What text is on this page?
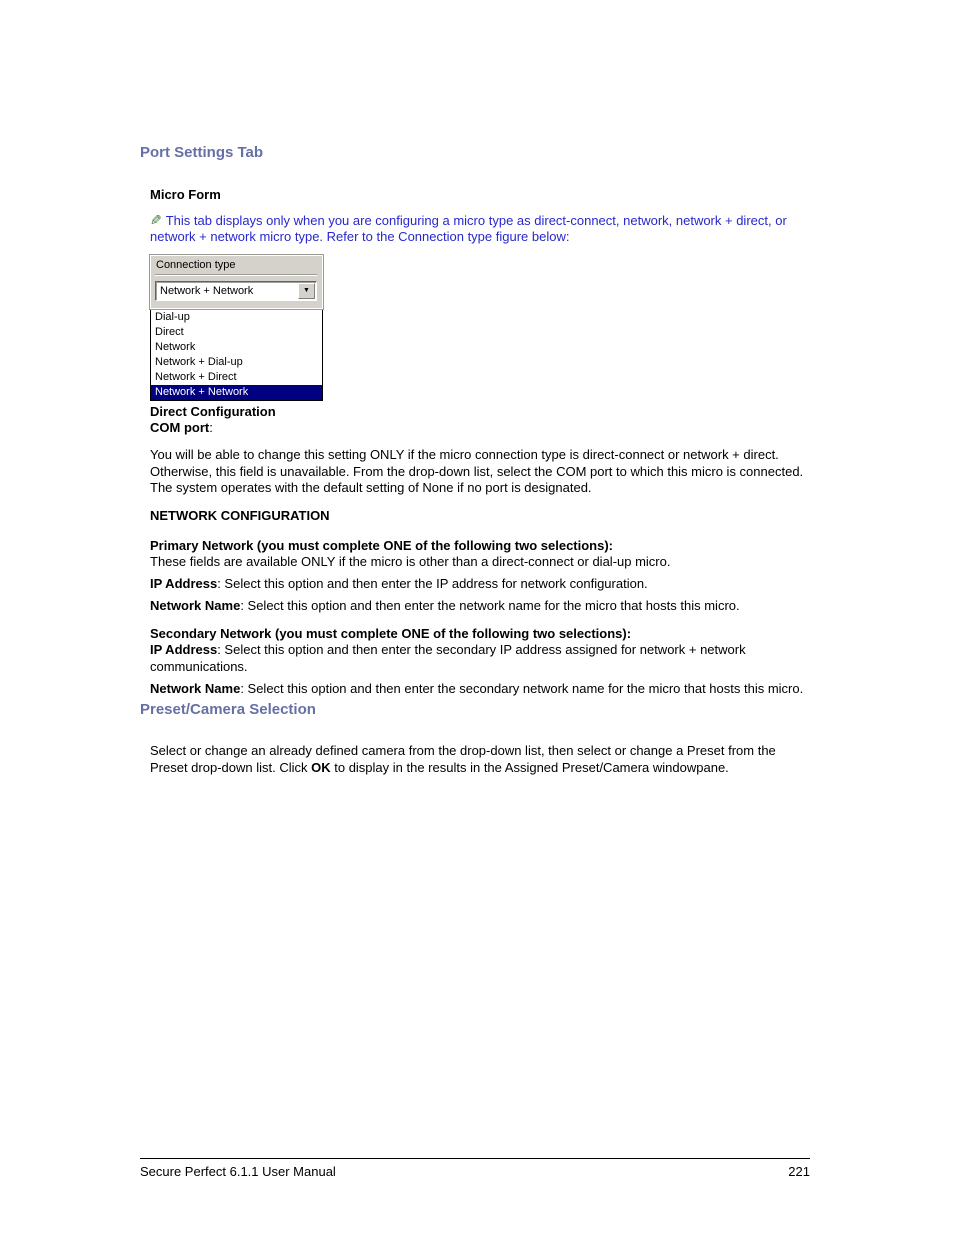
Port Settings Tab

Micro Form

✎ This tab displays only when you are configuring a micro type as direct-connect, network, network + direct, or network + network micro type. Refer to the Connection type figure below:

Connection type
Network + Network	▼
Dial-up
Direct
Network
Network + Dial-up
Network + Direct
Network + Network

Direct Configuration

COM port:

You will be able to change this setting ONLY if the micro connection type is direct-connect or network + direct. Otherwise, this field is unavailable. From the drop-down list, select the COM port to which this micro is connected. The system operates with the default setting of None if no port is designated.

NETWORK CONFIGURATION

Primary Network (you must complete ONE of the following two selections):

These fields are available ONLY if the micro is other than a direct-connect or dial-up micro.

IP Address: Select this option and then enter the IP address for network configuration.

Network Name: Select this option and then enter the network name for the micro that hosts this micro.

Secondary Network (you must complete ONE of the following two selections):

IP Address: Select this option and then enter the secondary IP address assigned for network + network communications.

Network Name: Select this option and then enter the secondary network name for the micro that hosts this micro.

Preset/Camera Selection

Select or change an already defined camera from the drop-down list, then select or change a Preset from the Preset drop-down list. Click OK to display in the results in the Assigned Preset/Camera windowpane.

Secure Perfect 6.1.1 User Manual	221
